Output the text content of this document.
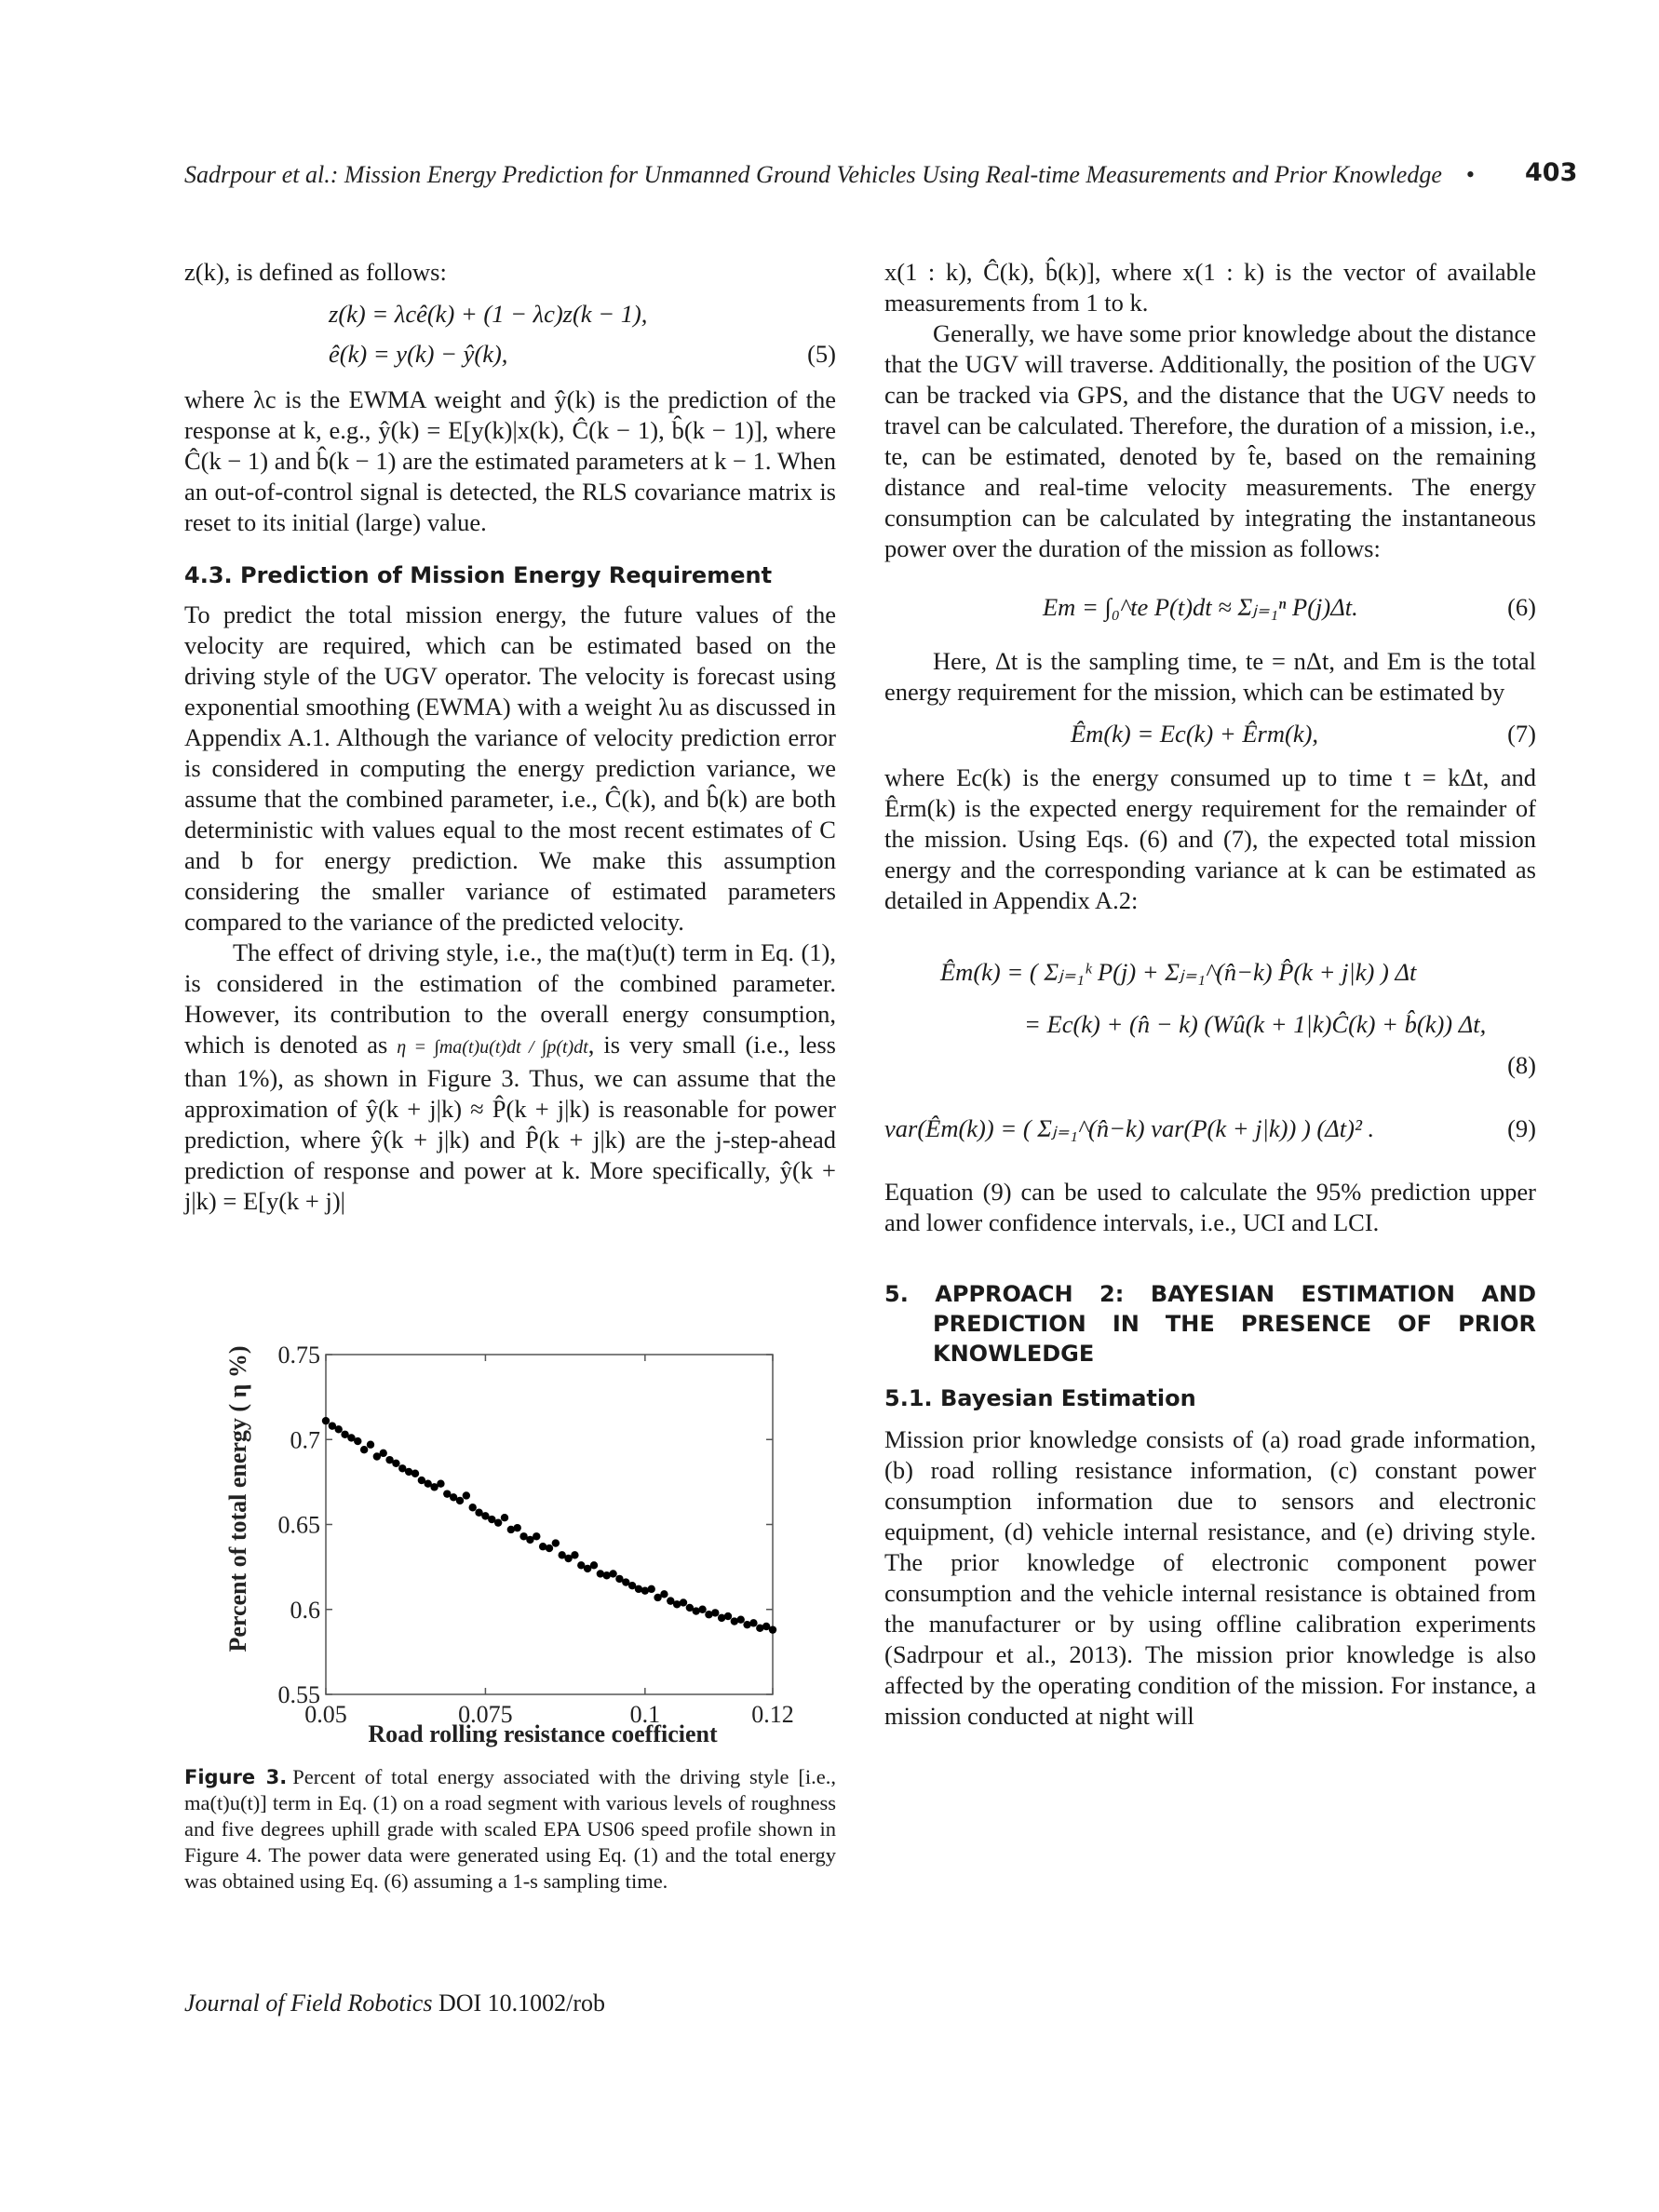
Sadrpour et al.: Mission Energy Prediction for Unmanned Ground Vehicles Using Real-time Measurements and Prior Knowledge •	403

z(k), is defined as follows:

z(k) = λcê(k) + (1 − λc)z(k − 1),
ê(k) = y(k) − ŷ(k),	(5)

where λc is the EWMA weight and ŷ(k) is the prediction of the response at k, e.g., ŷ(k) = E[y(k)|x(k), Ĉ(k − 1), b̂(k − 1)], where Ĉ(k − 1) and b̂(k − 1) are the estimated parameters at k − 1. When an out-of-control signal is detected, the RLS covariance matrix is reset to its initial (large) value.

4.3. Prediction of Mission Energy Requirement

To predict the total mission energy, the future values of the velocity are required, which can be estimated based on the driving style of the UGV operator. The velocity is forecast using exponential smoothing (EWMA) with a weight λu as discussed in Appendix A.1. Although the variance of velocity prediction error is considered in computing the energy prediction variance, we assume that the combined parameter, i.e., Ĉ(k), and b̂(k) are both deterministic with values equal to the most recent estimates of C and b for energy prediction. We make this assumption considering the smaller variance of estimated parameters compared to the variance of the predicted velocity.

The effect of driving style, i.e., the ma(t)u(t) term in Eq. (1), is considered in the estimation of the combined parameter. However, its contribution to the overall energy consumption, which is denoted as η = ∫ma(t)u(t)dt / ∫p(t)dt, is very small (i.e., less than 1%), as shown in Figure 3. Thus, we can assume that the approximation of ŷ(k + j|k) ≈ P̂(k + j|k) is reasonable for power prediction, where ŷ(k + j|k) and P̂(k + j|k) are the j-step-ahead prediction of response and power at k. More specifically, ŷ(k + j|k) = E[y(k + j)|

0.05	0.075	0.1	0.12
0.55
0.6
0.65
0.7
0.75
Road rolling resistance coefficient
Percent of total energy ( η %)
Figure 3. Percent of total energy associated with the driving style [i.e., ma(t)u(t)] term in Eq. (1) on a road segment with various levels of roughness and five degrees uphill grade with scaled EPA US06 speed profile shown in Figure 4. The power data were generated using Eq. (1) and the total energy was obtained using Eq. (6) assuming a 1-s sampling time.

x(1 : k), Ĉ(k), b̂(k)], where x(1 : k) is the vector of available measurements from 1 to k.

Generally, we have some prior knowledge about the distance that the UGV will traverse. Additionally, the position of the UGV can be tracked via GPS, and the distance that the UGV needs to travel can be calculated. Therefore, the duration of a mission, i.e., te, can be estimated, denoted by t̂e, based on the remaining distance and real-time velocity measurements. The energy consumption can be calculated by integrating the instantaneous power over the duration of the mission as follows:

Em = ∫₀^te P(t)dt ≈ Σⱼ₌₁ⁿ P(j)Δt.	(6)

Here, Δt is the sampling time, te = nΔt, and Em is the total energy requirement for the mission, which can be estimated by

Êm(k) = Ec(k) + Êrm(k),	(7)

where Ec(k) is the energy consumed up to time t = kΔt, and Êrm(k) is the expected energy requirement for the remainder of the mission. Using Eqs. (6) and (7), the expected total mission energy and the corresponding variance at k can be estimated as detailed in Appendix A.2:

Êm(k) = ( Σⱼ₌₁ᵏ P(j) + Σⱼ₌₁^(n̂−k) P̂(k + j|k) ) Δt
= Ec(k) + (n̂ − k) (Wû(k + 1|k)Ĉ(k) + b̂(k)) Δt,
(8)
var(Êm(k)) = ( Σⱼ₌₁^(n̂−k) var(P(k + j|k)) ) (Δt)² .	(9)

Equation (9) can be used to calculate the 95% prediction upper and lower confidence intervals, i.e., UCI and LCI.

5. APPROACH 2: BAYESIAN ESTIMATION AND PREDICTION IN THE PRESENCE OF PRIOR KNOWLEDGE
5.1. Bayesian Estimation

Mission prior knowledge consists of (a) road grade information, (b) road rolling resistance information, (c) constant power consumption information due to sensors and electronic equipment, (d) vehicle internal resistance, and (e) driving style. The prior knowledge of electronic component power consumption and the vehicle internal resistance is obtained from the manufacturer or by using offline calibration experiments (Sadrpour et al., 2013). The mission prior knowledge is also affected by the operating condition of the mission. For instance, a mission conducted at night will

Journal of Field Robotics DOI 10.1002/rob
